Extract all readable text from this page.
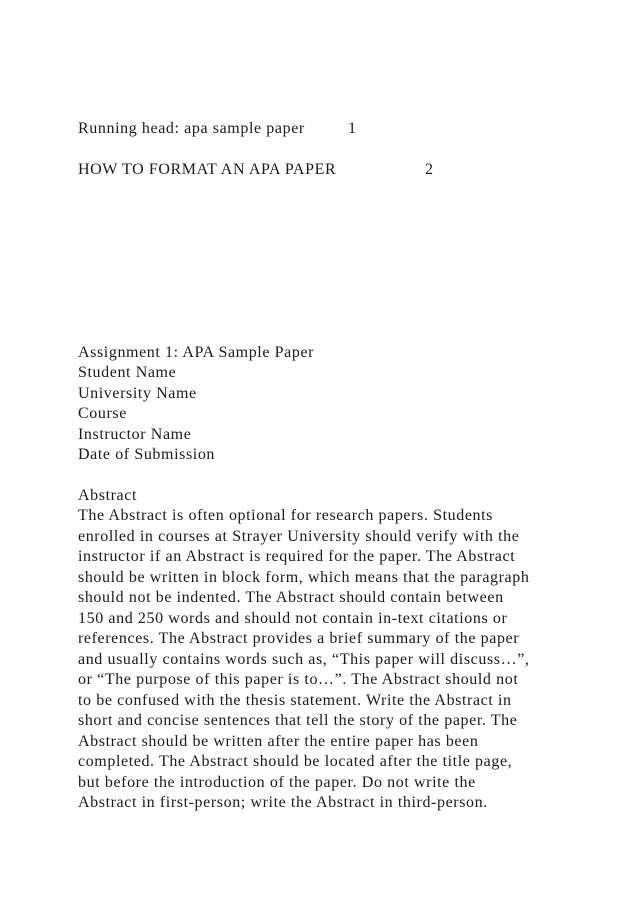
Running head: apa sample paper	1
HOW TO FORMAT AN APA PAPER	2
Assignment 1: APA Sample Paper
Student Name
University Name
Course
Instructor Name
Date of Submission
Abstract
The Abstract is often optional for research papers. Students
enrolled in courses at Strayer University should verify with the
instructor if an Abstract is required for the paper. The Abstract
should be written in block form, which means that the paragraph
should not be indented. The Abstract should contain between
150 and 250 words and should not contain in-text citations or
references. The Abstract provides a brief summary of the paper
and usually contains words such as, “This paper will discuss…”,
or “The purpose of this paper is to…”. The Abstract should not
to be confused with the thesis statement. Write the Abstract in
short and concise sentences that tell the story of the paper. The
Abstract should be written after the entire paper has been
completed. The Abstract should be located after the title page,
but before the introduction of the paper. Do not write the
Abstract in first-person; write the Abstract in third-person.
